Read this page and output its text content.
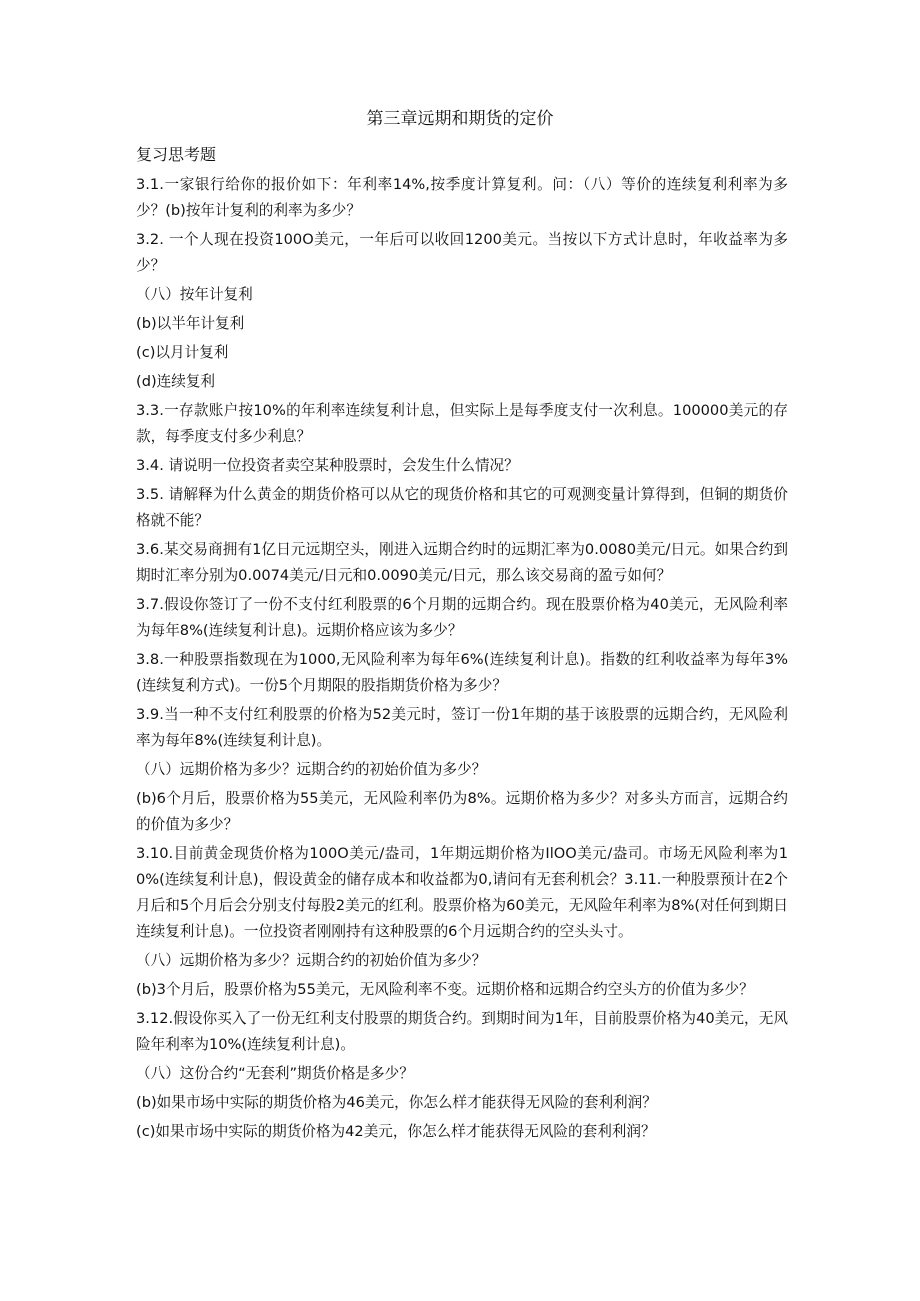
第三章远期和期货的定价
复习思考题

3.1.一家银行给你的报价如下：年利率14%,按季度计算复利。问：（八）等价的连续复利利率为多少？(b)按年计复利的利率为多少？

3.2. 一个人现在投资100O美元，一年后可以收回1200美元。当按以下方式计息时，年收益率为多少？

（八）按年计复利

(b)以半年计复利

(c)以月计复利

(d)连续复利

3.3.一存款账户按10%的年利率连续复利计息，但实际上是每季度支付一次利息。100000美元的存款，每季度支付多少利息？

3.4. 请说明一位投资者卖空某种股票时，会发生什么情况？

3.5. 请解释为什么黄金的期货价格可以从它的现货价格和其它的可观测变量计算得到，但铜的期货价格就不能？

3.6.某交易商拥有1亿日元远期空头，刚进入远期合约时的远期汇率为0.0080美元/日元。如果合约到期时汇率分别为0.0074美元/日元和0.0090美元/日元，那么该交易商的盈亏如何？

3.7.假设你签订了一份不支付红利股票的6个月期的远期合约。现在股票价格为40美元，无风险利率为每年8%(连续复利计息)。远期价格应该为多少？

3.8.一种股票指数现在为1000,无风险利率为每年6%(连续复利计息)。指数的红利收益率为每年3%(连续复利方式)。一份5个月期限的股指期货价格为多少？

3.9.当一种不支付红利股票的价格为52美元时，签订一份1年期的基于该股票的远期合约，无风险利率为每年8%(连续复利计息)。

（八）远期价格为多少？远期合约的初始价值为多少？

(b)6个月后，股票价格为55美元，无风险利率仍为8%。远期价格为多少？对多头方而言，远期合约的价值为多少？

3.10.目前黄金现货价格为100O美元/盎司，1年期远期价格为IlOO美元/盎司。市场无风险利率为10%(连续复利计息)，假设黄金的储存成本和收益都为0,请问有无套利机会？3.11.一种股票预计在2个月后和5个月后会分别支付每股2美元的红利。股票价格为60美元，无风险年利率为8%(对任何到期日连续复利计息)。一位投资者刚刚持有这种股票的6个月远期合约的空头头寸。

（八）远期价格为多少？远期合约的初始价值为多少？

(b)3个月后，股票价格为55美元，无风险利率不变。远期价格和远期合约空头方的价值为多少？

3.12.假设你买入了一份无红利支付股票的期货合约。到期时间为1年，目前股票价格为40美元，无风险年利率为10%(连续复利计息)。

（八）这份合约“无套利”期货价格是多少？

(b)如果市场中实际的期货价格为46美元，你怎么样才能获得无风险的套利利润？

(c)如果市场中实际的期货价格为42美元，你怎么样才能获得无风险的套利利润？
